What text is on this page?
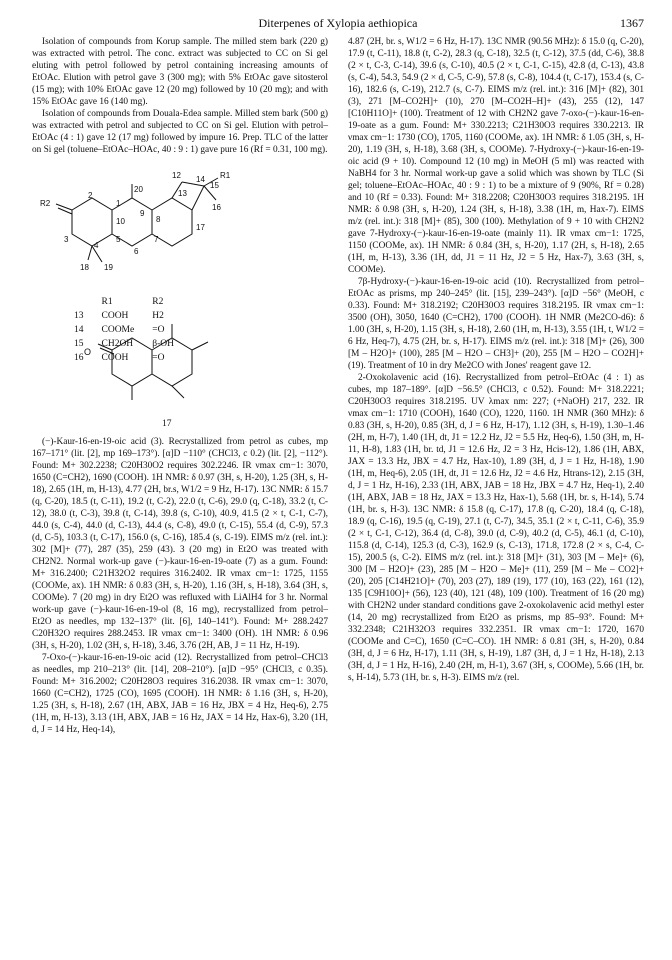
Diterpenes of Xylopia aethiopica	1367

Isolation of compounds from Korup sample. The milled stem bark (220 g) was extracted with petrol. The conc. extract was subjected to CC on Si gel eluting with petrol followed by petrol containing increasing amounts of EtOAc. Elution with petrol gave 3 (300 mg); with 5% EtOAc gave sitosterol (15 mg); with 10% EtOAc gave 12 (20 mg) followed by 10 (20 mg); and with 15% EtOAc gave 16 (140 mg).

Isolation of compounds from Douala-Edea sample. Milled stem bark (500 g) was extracted with petrol and subjected to CC on Si gel. Elution with petrol–EtOAc (4 : 1) gave 12 (17 mg) followed by impure 16. Prep. TLC of the latter on Si gel (toluene–EtOAc–HOAc, 40 : 9 : 1) gave pure 16 (Rf = 0.31, 100 mg).

R1
R2
12
13
14
15
16
17
19
18
20
1
2
3
4
5
6
7
8
9
10
	R1	R2
13	COOH	H2
14	COOMe	=O
15	CH2OH	β-OH
16	COOH	=O
O
17

(−)-Kaur-16-en-19-oic acid (3). Recrystallized from petrol as cubes, mp 167–171° (lit. [2], mp 169–173°). [α]D −110° (CHCl3, c 0.2) (lit. [2], −112°). Found: M+ 302.2238; C20H30O2 requires 302.2246. IR νmax cm−1: 3070, 1650 (C=CH2), 1690 (COOH). 1H NMR: δ 0.97 (3H, s, H-20), 1.25 (3H, s, H-18), 2.65 (1H, m, H-13), 4.77 (2H, br.s, W1/2 = 9 Hz, H-17). 13C NMR: δ 15.7 (q, C-20), 18.5 (t, C-11), 19.2 (t, C-2), 22.0 (t, C-6), 29.0 (q, C-18), 33.2 (t, C-12), 38.0 (t, C-3), 39.8 (t, C-14), 39.8 (s, C-10), 40.9, 41.5 (2 × t, C-1, C-7), 44.0 (s, C-4), 44.0 (d, C-13), 44.4 (s, C-8), 49.0 (t, C-15), 55.4 (d, C-9), 57.3 (d, C-5), 103.3 (t, C-17), 156.0 (s, C-16), 185.4 (s, C-19). EIMS m/z (rel. int.): 302 [M]+ (77), 287 (35), 259 (43). 3 (20 mg) in Et2O was treated with CH2N2. Normal work-up gave (−)-kaur-16-en-19-oate (7) as a gum. Found: M+ 316.2400; C21H32O2 requires 316.2402. IR νmax cm−1: 1725, 1155 (COOMe, ax). 1H NMR: δ 0.83 (3H, s, H-20), 1.16 (3H, s, H-18), 3.64 (3H, s, COOMe). 7 (20 mg) in dry Et2O was refluxed with LiAlH4 for 3 hr. Normal work-up gave (−)-kaur-16-en-19-ol (8, 16 mg), recrystallized from petrol–Et2O as needles, mp 132–137° (lit. [6], 140–141°). Found: M+ 288.2427 C20H32O requires 288.2453. IR νmax cm−1: 3400 (OH). 1H NMR: δ 0.96 (3H, s, H-20), 1.02 (3H, s, H-18), 3.46, 3.76 (2H, AB, J = 11 Hz, H-19).

7-Oxo-(−)-kaur-16-en-19-oic acid (12). Recrystallized from petrol–CHCl3 as needles, mp 210–213° (lit. [14], 208–210°). [α]D −95° (CHCl3, c 0.35). Found: M+ 316.2002; C20H28O3 requires 316.2038. IR νmax cm−1: 3070, 1660 (C=CH2), 1725 (CO), 1695 (COOH). 1H NMR: δ 1.16 (3H, s, H-20), 1.25 (3H, s, H-18), 2.67 (1H, ABX, JAB = 16 Hz, JBX = 4 Hz, Heq-6), 2.75 (1H, m, H-13), 3.13 (1H, ABX, JAB = 16 Hz, JAX = 14 Hz, Hax-6), 3.20 (1H, d, J = 14 Hz, Heq-14),

4.87 (2H, br. s, W1/2 = 6 Hz, H-17). 13C NMR (90.56 MHz): δ 15.0 (q, C-20), 17.9 (t, C-11), 18.8 (t, C-2), 28.3 (q, C-18), 32.5 (t, C-12), 37.5 (dd, C-6), 38.8 (2 × t, C-3, C-14), 39.6 (s, C-10), 40.5 (2 × t, C-1, C-15), 42.8 (d, C-13), 43.8 (s, C-4), 54.3, 54.9 (2 × d, C-5, C-9), 57.8 (s, C-8), 104.4 (t, C-17), 153.4 (s, C-16), 182.6 (s, C-19), 212.7 (s, C-7). EIMS m/z (rel. int.): 316 [M]+ (82), 301 (3), 271 [M–CO2H]+ (10), 270 [M–CO2H–H]+ (43), 255 (12), 147 [C10H11O]+ (100). Treatment of 12 with CH2N2 gave 7-oxo-(−)-kaur-16-en-19-oate as a gum. Found: M+ 330.2213; C21H30O3 requires 330.2213. IR νmax cm−1: 1730 (CO), 1705, 1160 (COOMe, ax). 1H NMR: δ 1.05 (3H, s, H-20), 1.19 (3H, s, H-18), 3.68 (3H, s, COOMe). 7-Hydroxy-(−)-kaur-16-en-19-oic acid (9 + 10). Compound 12 (10 mg) in MeOH (5 ml) was reacted with NaBH4 for 3 hr. Normal work-up gave a solid which was shown by TLC (Si gel; toluene–EtOAc–HOAc, 40 : 9 : 1) to be a mixture of 9 (90%, Rf = 0.28) and 10 (Rf = 0.33). Found: M+ 318.2208; C20H30O3 requires 318.2195. 1H NMR: δ 0.98 (3H, s, H-20), 1.24 (3H, s, H-18), 3.38 (1H, m, Hax-7). EIMS m/z (rel. int.): 318 [M]+ (85), 300 (100). Methylation of 9 + 10 with CH2N2 gave 7-Hydroxy-(−)-kaur-16-en-19-oate (mainly 11). IR νmax cm−1: 1725, 1150 (COOMe, ax). 1H NMR: δ 0.84 (3H, s, H-20), 1.17 (2H, s, H-18), 2.65 (1H, m, H-13), 3.36 (1H, dd, J1 = 11 Hz, J2 = 5 Hz, Hax-7), 3.63 (3H, s, COOMe).

7β-Hydroxy-(−)-kaur-16-en-19-oic acid (10). Recrystallized from petrol–EtOAc as prisms, mp 240–245° (lit. [15], 239–243°). [α]D −56° (MeOH, c 0.33). Found: M+ 318.2192; C20H30O3 requires 318.2195. IR νmax cm−1: 3500 (OH), 3050, 1640 (C=CH2), 1700 (COOH). 1H NMR (Me2CO-d6): δ 1.00 (3H, s, H-20), 1.15 (3H, s, H-18), 2.60 (1H, m, H-13), 3.55 (1H, t, W1/2 = 6 Hz, Heq-7), 4.75 (2H, br. s, H-17). EIMS m/z (rel. int.): 318 [M]+ (26), 300 [M – H2O]+ (100), 285 [M – H2O – CH3]+ (20), 255 [M – H2O – CO2H]+ (19). Treatment of 10 in dry Me2CO with Jones' reagent gave 12.

2-Oxokolavenic acid (16). Recrystallized from petrol–EtOAc (4 : 1) as cubes, mp 187–189°. [α]D −56.5° (CHCl3, c 0.52). Found: M+ 318.2221; C20H30O3 requires 318.2195. UV λmax nm: 227; (+NaOH) 217, 232. IR νmax cm−1: 1710 (COOH), 1640 (CO), 1220, 1160. 1H NMR (360 MHz): δ 0.83 (3H, s, H-20), 0.85 (3H, d, J = 6 Hz, H-17), 1.12 (3H, s, H-19), 1.30–1.46 (2H, m, H-7), 1.40 (1H, dt, J1 = 12.2 Hz, J2 = 5.5 Hz, Heq-6), 1.50 (3H, m, H-11, H-8), 1.83 (1H, br. td, J1 = 12.6 Hz, J2 = 3 Hz, Hcis-12), 1.86 (1H, ABX, JAX = 13.3 Hz, JBX = 4.7 Hz, Hax-10), 1.89 (3H, d, J = 1 Hz, H-18), 1.90 (1H, m, Heq-6), 2.05 (1H, dt, J1 = 12.6 Hz, J2 = 4.6 Hz, Htrans-12), 2.15 (3H, d, J = 1 Hz, H-16), 2.33 (1H, ABX, JAB = 18 Hz, JBX = 4.7 Hz, Heq-1), 2.40 (1H, ABX, JAB = 18 Hz, JAX = 13.3 Hz, Hax-1), 5.68 (1H, br. s, H-14), 5.74 (1H, br. s, H-3). 13C NMR: δ 15.8 (q, C-17), 17.8 (q, C-20), 18.4 (q, C-18), 18.9 (q, C-16), 19.5 (q, C-19), 27.1 (t, C-7), 34.5, 35.1 (2 × t, C-11, C-6), 35.9 (2 × t, C-1, C-12), 36.4 (d, C-8), 39.0 (d, C-9), 40.2 (d, C-5), 46.1 (d, C-10), 115.8 (d, C-14), 125.3 (d, C-3), 162.9 (s, C-13), 171.8, 172.8 (2 × s, C-4, C-15), 200.5 (s, C-2). EIMS m/z (rel. int.): 318 [M]+ (31), 303 [M – Me]+ (6), 300 [M – H2O]+ (23), 285 [M – H2O – Me]+ (11), 259 [M – Me – CO2]+ (20), 205 [C14H21O]+ (70), 203 (27), 189 (19), 177 (10), 163 (22), 161 (12), 135 [C9H10O]+ (56), 123 (40), 121 (48), 109 (100). Treatment of 16 (20 mg) with CH2N2 under standard conditions gave 2-oxokolavenic acid methyl ester (14, 20 mg) recrystallized from Et2O as prisms, mp 85–93°. Found: M+ 332.2348; C21H32O3 requires 332.2351. IR νmax cm−1: 1720, 1670 (COOMe and C=C), 1650 (C=C–CO). 1H NMR: δ 0.81 (3H, s, H-20), 0.84 (3H, d, J = 6 Hz, H-17), 1.11 (3H, s, H-19), 1.87 (3H, d, J = 1 Hz, H-18), 2.13 (3H, d, J = 1 Hz, H-16), 2.40 (2H, m, H-1), 3.67 (3H, s, COOMe), 5.66 (1H, br. s, H-14), 5.73 (1H, br. s, H-3). EIMS m/z (rel.
